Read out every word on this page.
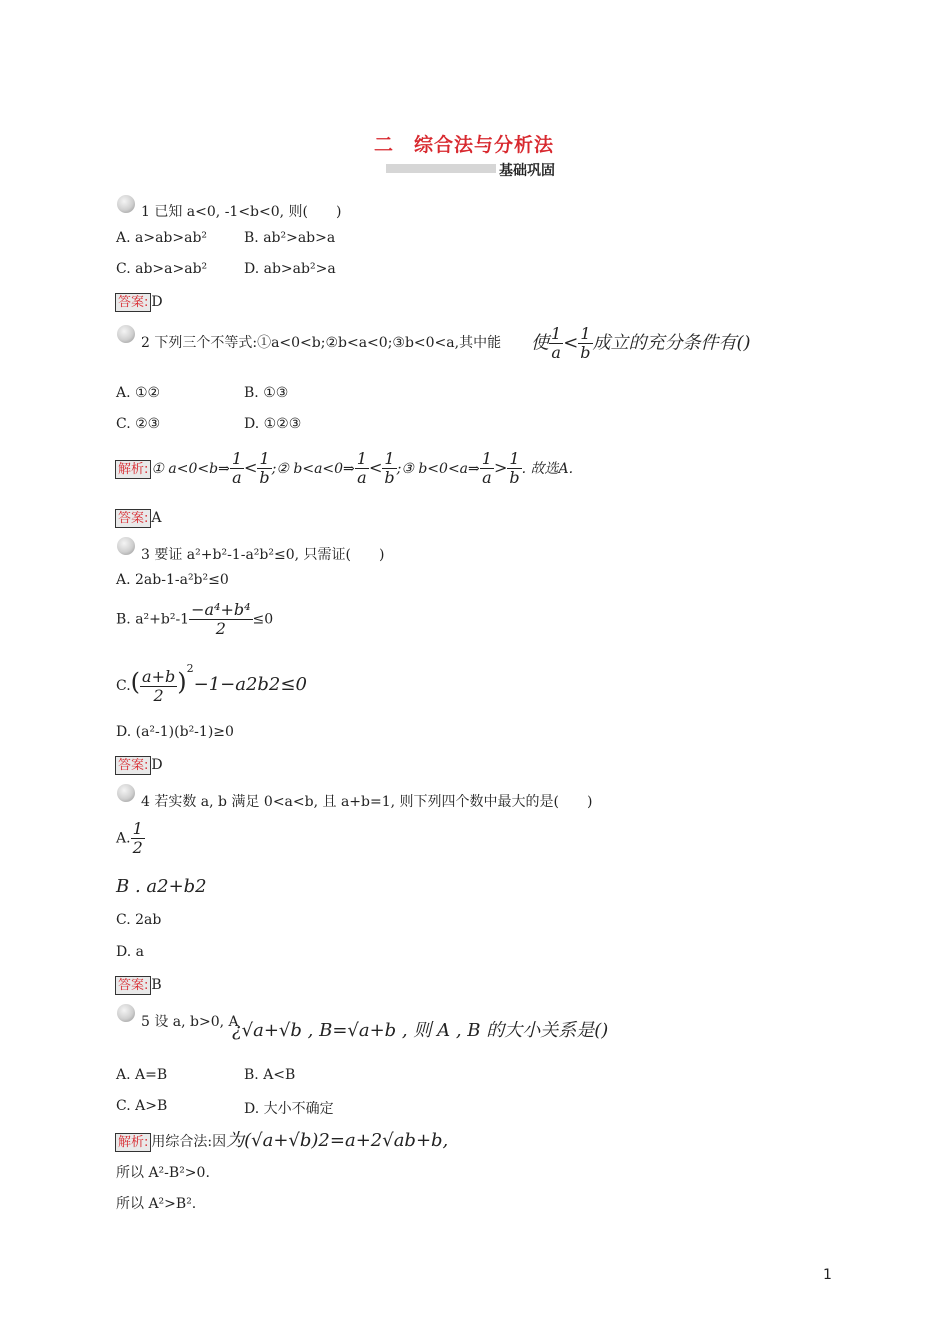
二　综合法与分析法
基础巩固
1 已知 a<0, -1<b<0, 则(　　)
A. a>ab>ab²	B. ab²>ab>a
C. ab>a>ab²	D. ab>ab²>a
答案: D
2 下列三个不等式:①a<0<b;②b<a<0;③b<0<a,其中能 使 $\frac{1}{a} < \frac{1}{b}$ 成立的充分条件有()
A. ①②	B. ①③
C. ②③	D. ①②③
解析: ① a<0<b⇒ $\frac{1}{a} < \frac{1}{b}$ ;② b<a<0⇒ $\frac{1}{a} < \frac{1}{b}$ ;③ b<0<a⇒ $\frac{1}{a} > \frac{1}{b}$ . 故选A.
答案: A
3 要证 a²+b²-1-a²b²≤0, 只需证(　　)
A. 2ab-1-a²b²≤0
B. $a^2+b^2-1 \frac{\text{−a⁴+b⁴}}{2} \le 0$
$C.( \frac{a+b}{2} )^2-1-a2b2\le 0$
D. (a²-1)(b²-1)≥0
答案: D
4 若实数 a, b 满足 0<a<b, 且 a+b=1, 则下列四个数中最大的是(　　)
A. $\frac{1}{2}$
B . a2+b2
C. 2ab
D. a
答案: B
5 设 a, b>0, A
¿√a+√b , B=√a+b , 则 A , B 的大小关系是()
A. A=B	B. A<B
C. A>B	D. 大小不确定
解析: 用综合法:因为(√a+√b)2=a+2√ab+b,
所以 A²-B²>0.
所以 A²>B².
1
